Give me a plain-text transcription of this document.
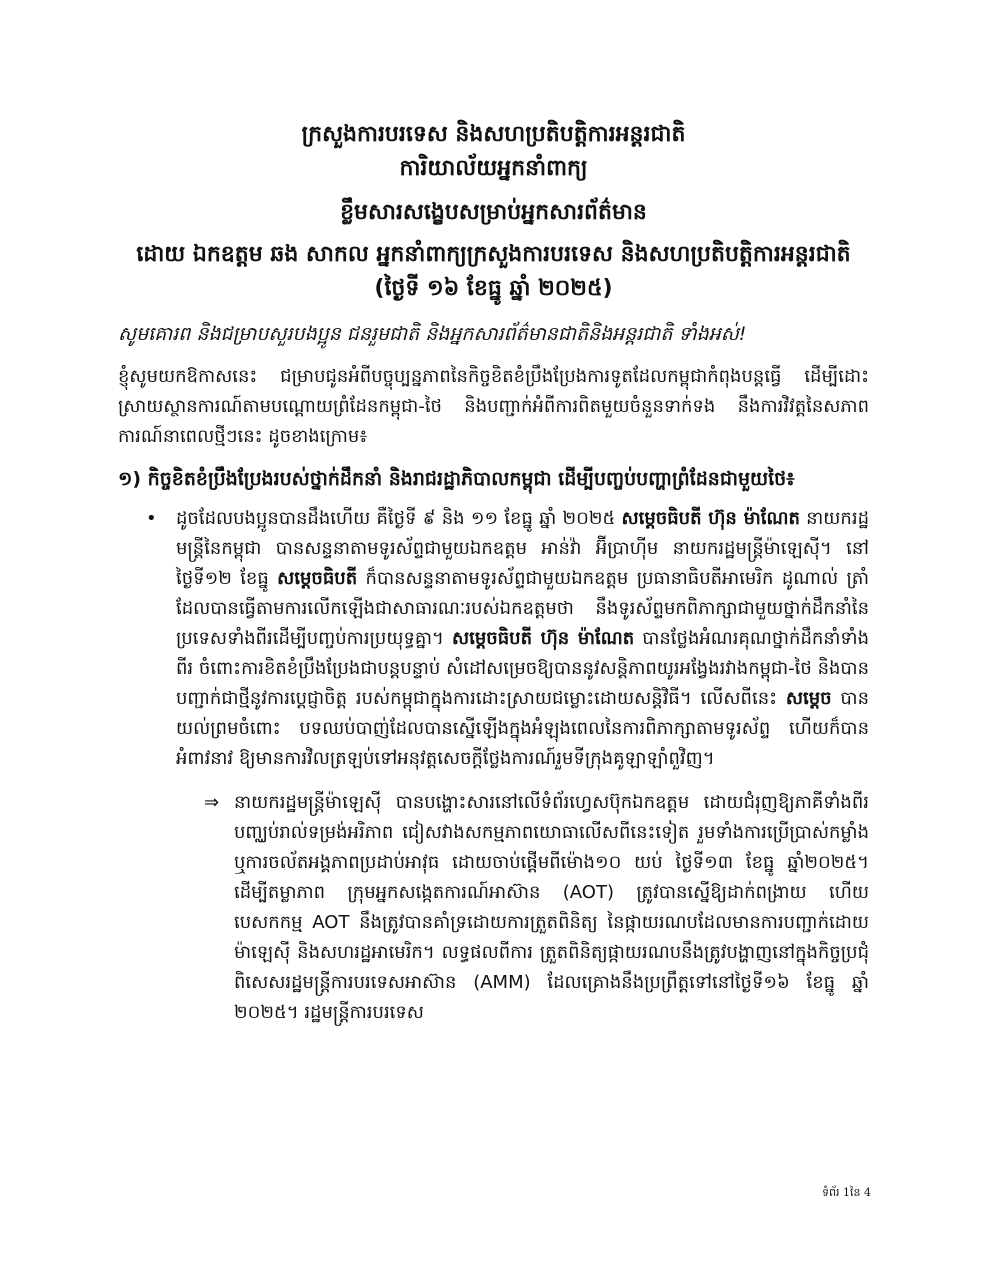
ក្រសួងការបរទេស និងសហប្រតិបត្តិការអន្តរជាតិ
ការិយាល័យអ្នកនាំពាក្យ
ខ្លឹមសារសង្ខេបសម្រាប់អ្នកសារព័ត៌មាន
ដោយ ឯកឧត្តម ឆង សាកល អ្នកនាំពាក្យក្រសួងការបរទេស និងសហប្រតិបត្តិការអន្តរជាតិ
(ថ្ងៃទី ១៦ ខែធ្នូ ឆ្នាំ ២០២៥)
សូមគោរព និងជម្រាបសួរបងប្អូន ជនរួមជាតិ និងអ្នកសារព័ត៌មានជាតិនិងអន្តរជាតិ ទាំងអស់!
ខ្ញុំសូមយកឱកាសនេះ ជម្រាបជូនអំពីបច្ចុប្បន្នភាពនៃកិច្ចខិតខំប្រឹងប្រែងការទូតដែលកម្ពុជាកំពុងបន្តធ្វើ ដើម្បីដោះស្រាយស្ថានការណ៍តាមបណ្ដោយព្រំដែនកម្ពុជា-ថៃ និងបញ្ជាក់អំពីការពិតមួយចំនួនទាក់ទង នឹងការវិវត្តនៃសភាពការណ៍នាពេលថ្មីៗនេះ ដូចខាងក្រោម៖
១) កិច្ចខិតខំប្រឹងប្រែងរបស់ថ្នាក់ដឹកនាំ និងរាជរដ្ឋាភិបាលកម្ពុជា ដើម្បីបញ្ចប់បញ្ហាព្រំដែនជាមួយថៃ៖
• ដូចដែលបងប្អូនបានដឹងហើយ គឺថ្ងៃទី ៩ និង ១១ ខែធ្នូ ឆ្នាំ ២០២៥ សម្ដេចធិបតី ហ៊ុន ម៉ាណែត នាយករដ្ឋមន្ត្រីនៃកម្ពុជា បានសន្ទនាតាមទូរស័ព្ទជាមួយឯកឧត្តម អាន់វ៉ា អ៊ីប្រាហ៊ីម នាយករដ្ឋមន្ត្រីម៉ាឡេស៊ី។ នៅថ្ងៃទី១២ ខែធ្នូ សម្ដេចធិបតី ក៏បានសន្ទនាតាមទូរស័ព្ទជាមួយឯកឧត្តម ប្រធានាធិបតីអាមេរិក ដូណាល់ ត្រាំ ដែលបានធ្វើតាមការលើកឡើងជាសាធារណៈរបស់ឯកឧត្តមថា នឹងទូរស័ព្ទមកពិភាក្សាជាមួយថ្នាក់ដឹកនាំនៃប្រទេសទាំងពីរដើម្បីបញ្ចប់ការប្រយុទ្ធគ្នា។ សម្ដេចធិបតី ហ៊ុន ម៉ាណែត បានថ្លែងអំណរគុណថ្នាក់ដឹកនាំទាំងពីរ ចំពោះការខិតខំប្រឹងប្រែងជាបន្តបន្ទាប់ សំដៅសម្រេចឱ្យបាននូវសន្តិភាពយូរអង្វែងរវាងកម្ពុជា-ថៃ និងបានបញ្ជាក់ជាថ្មីនូវការប្ដេជ្ញាចិត្ត របស់កម្ពុជាក្នុងការដោះស្រាយជម្លោះដោយសន្តិវិធី។ លើសពីនេះ សម្ដេច បានយល់ព្រមចំពោះ បទឈប់បាញ់ដែលបានស្នើឡើងក្នុងអំឡុងពេលនៃការពិភាក្សាតាមទូរស័ព្ទ ហើយក៏បានអំពាវនាវ ឱ្យមានការវិលត្រឡប់ទៅអនុវត្តសេចក្ដីថ្លែងការណ៍រួមទីក្រុងគូឡាឡាំពួវិញ។
⇒ នាយករដ្ឋមន្ត្រីម៉ាឡេស៊ី បានបង្ហោះសារនៅលើទំព័រហ្វេសប៊ុកឯកឧត្តម ដោយជំរុញឱ្យភាគីទាំងពីរបញ្ឈប់រាល់ទម្រង់អរិភាព ជៀសវាងសកម្មភាពយោធាលើសពីនេះទៀត រួមទាំងការប្រើប្រាស់កម្លាំង ឬការចល័តអង្គភាពប្រដាប់អាវុធ ដោយចាប់ផ្ដើមពីម៉ោង១០ យប់ ថ្ងៃទី១៣ ខែធ្នូ ឆ្នាំ២០២៥។ ដើម្បីតម្លាភាព ក្រុមអ្នកសង្កេតការណ៍អាស៊ាន (AOT) ត្រូវបានស្នើឱ្យដាក់ពង្រាយ ហើយបេសកកម្ម AOT នឹងត្រូវបានគាំទ្រដោយការត្រួតពិនិត្យ នៃផ្កាយរណបដែលមានការបញ្ជាក់ដោយម៉ាឡេស៊ី និងសហរដ្ឋអាមេរិក។ លទ្ធផលពីការ ត្រួតពិនិត្យផ្កាយរណបនឹងត្រូវបង្ហាញនៅក្នុងកិច្ចប្រជុំពិសេសរដ្ឋមន្ត្រីការបរទេសអាស៊ាន (AMM) ដែលគ្រោងនឹងប្រព្រឹត្តទៅនៅថ្ងៃទី១៦ ខែធ្នូ ឆ្នាំ ២០២៥។ រដ្ឋមន្ត្រីការបរទេស
ទំព័រ 1នៃ 4
